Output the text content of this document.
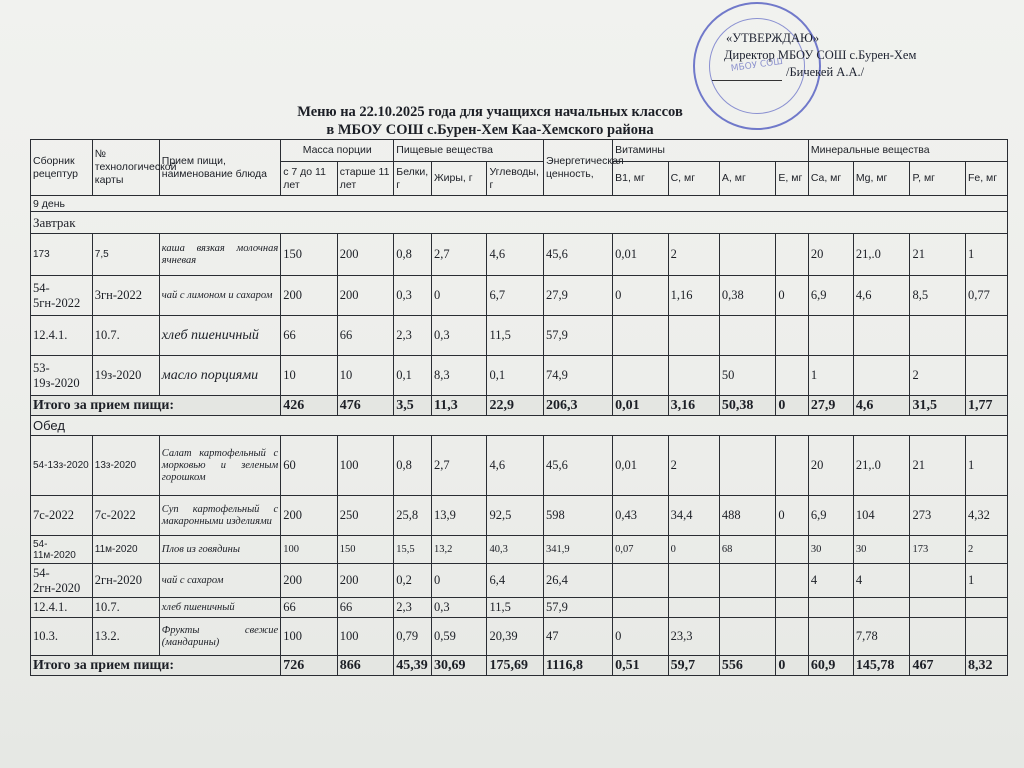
МБОУ СОШ
«УТВЕРЖДАЮ»
Директор МБОУ СОШ с.Бурен-Хем
/Бичекей А.А./
Меню на 22.10.2025 года для учащихся начальных классов
в МБОУ СОШ с.Бурен-Хем Каа-Хемского района
Сборник рецептур	№ технологической карты	Прием пищи, наименование блюда	Масса порции		Пищевые вещества			Энергетическая ценность,	Витамины				Минеральные вещества			
			с 7 до 11 лет	старше 11 лет	Белки, г	Жиры, г	Углеводы, г		B1, мг	C, мг	A, мг	E, мг	Ca, мг	Mg, мг	P, мг	Fe, мг
9 день																
Завтрак																
173	7,5	каша вязкая молочная ячневая	150	200	0,8	2,7	4,6	45,6	0,01	2			20	21,.0	21	1
54-5гн-2022	3гн-2022	чай с лимоном и сахаром	200	200	0,3	0	6,7	27,9	0	1,16	0,38	0	6,9	4,6	8,5	0,77
12.4.1.	10.7.	хлеб пшеничный	66	66	2,3	0,3	11,5	57,9								
53-19з-2020	19з-2020	масло порциями	10	10	0,1	8,3	0,1	74,9			50		1		2	
Итого за прием пищи:			426	476	3,5	11,3	22,9	206,3	0,01	3,16	50,38	0	27,9	4,6	31,5	1,77
Обед																
54-13з-2020	13з-2020	Салат картофельный с морковью и зеленым горошком	60	100	0,8	2,7	4,6	45,6	0,01	2			20	21,.0	21	1
7с-2022	7с-2022	Суп картофельный с макаронными изделиями	200	250	25,8	13,9	92,5	598	0,43	34,4	488	0	6,9	104	273	4,32
54-11м-2020	11м-2020	Плов из говядины	100	150	15,5	13,2	40,3	341,9	0,07	0	68		30	30	173	2
54-2гн-2020	2гн-2020	чай с сахаром	200	200	0,2	0	6,4	26,4					4	4		1
12.4.1.	10.7.	хлеб пшеничный	66	66	2,3	0,3	11,5	57,9								
10.3.	13.2.	Фрукты свежие (мандарины)	100	100	0,79	0,59	20,39	47	0	23,3				7,78		
Итого за прием пищи:			726	866	45,39	30,69	175,69	1116,8	0,51	59,7	556	0	60,9	145,78	467	8,32
